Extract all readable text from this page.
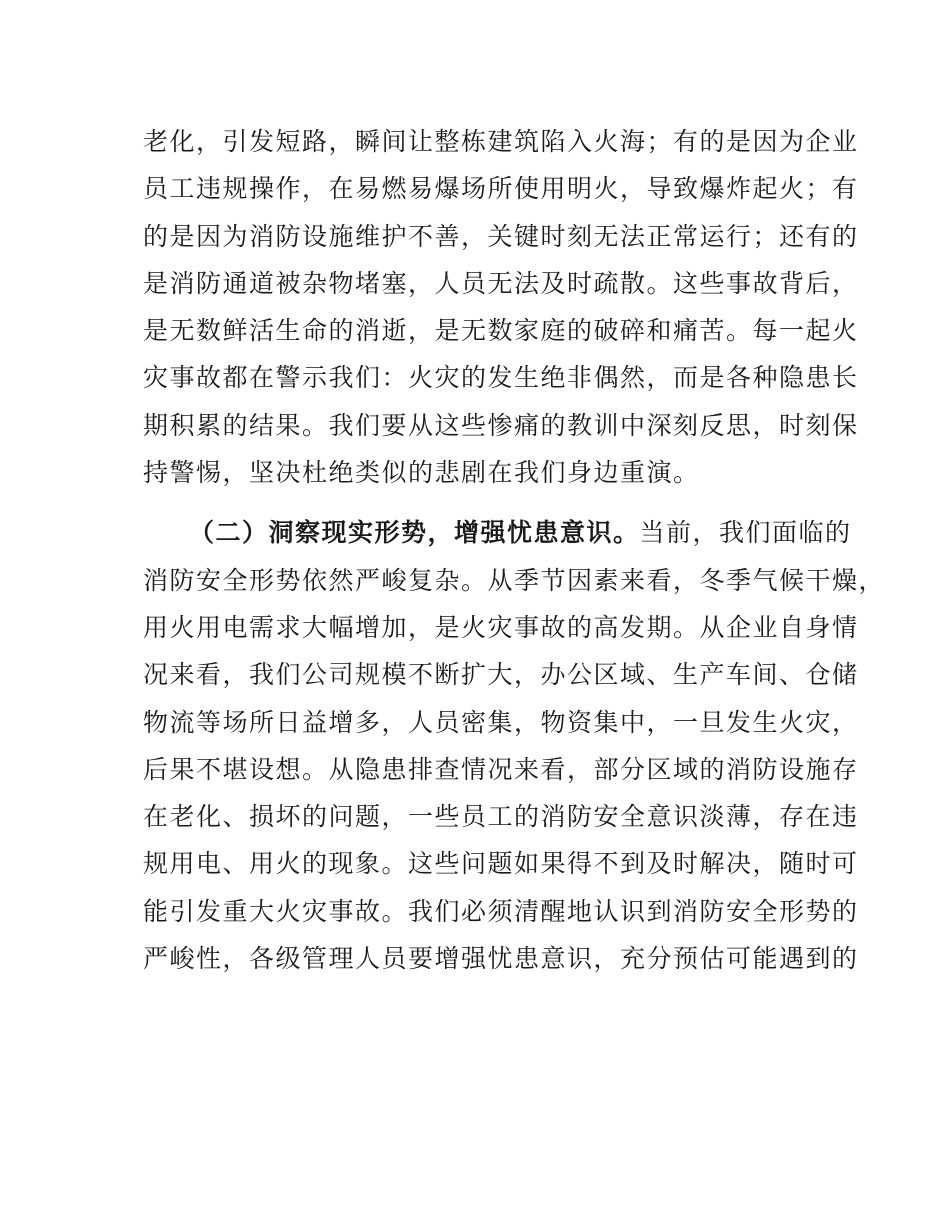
老化，引发短路，瞬间让整栋建筑陷入火海；有的是因为企业
员工违规操作，在易燃易爆场所使用明火，导致爆炸起火；有
的是因为消防设施维护不善，关键时刻无法正常运行；还有的
是消防通道被杂物堵塞，人员无法及时疏散。这些事故背后，
是无数鲜活生命的消逝，是无数家庭的破碎和痛苦。每一起火
灾事故都在警示我们：火灾的发生绝非偶然，而是各种隐患长
期积累的结果。我们要从这些惨痛的教训中深刻反思，时刻保
持警惕，坚决杜绝类似的悲剧在我们身边重演。
（二）洞察现实形势，增强忧患意识。当前，我们面临的
消防安全形势依然严峻复杂。从季节因素来看，冬季气候干燥，
用火用电需求大幅增加，是火灾事故的高发期。从企业自身情
况来看，我们公司规模不断扩大，办公区域、生产车间、仓储
物流等场所日益增多，人员密集，物资集中，一旦发生火灾，
后果不堪设想。从隐患排查情况来看，部分区域的消防设施存
在老化、损坏的问题，一些员工的消防安全意识淡薄，存在违
规用电、用火的现象。这些问题如果得不到及时解决，随时可
能引发重大火灾事故。我们必须清醒地认识到消防安全形势的
严峻性，各级管理人员要增强忧患意识，充分预估可能遇到的
